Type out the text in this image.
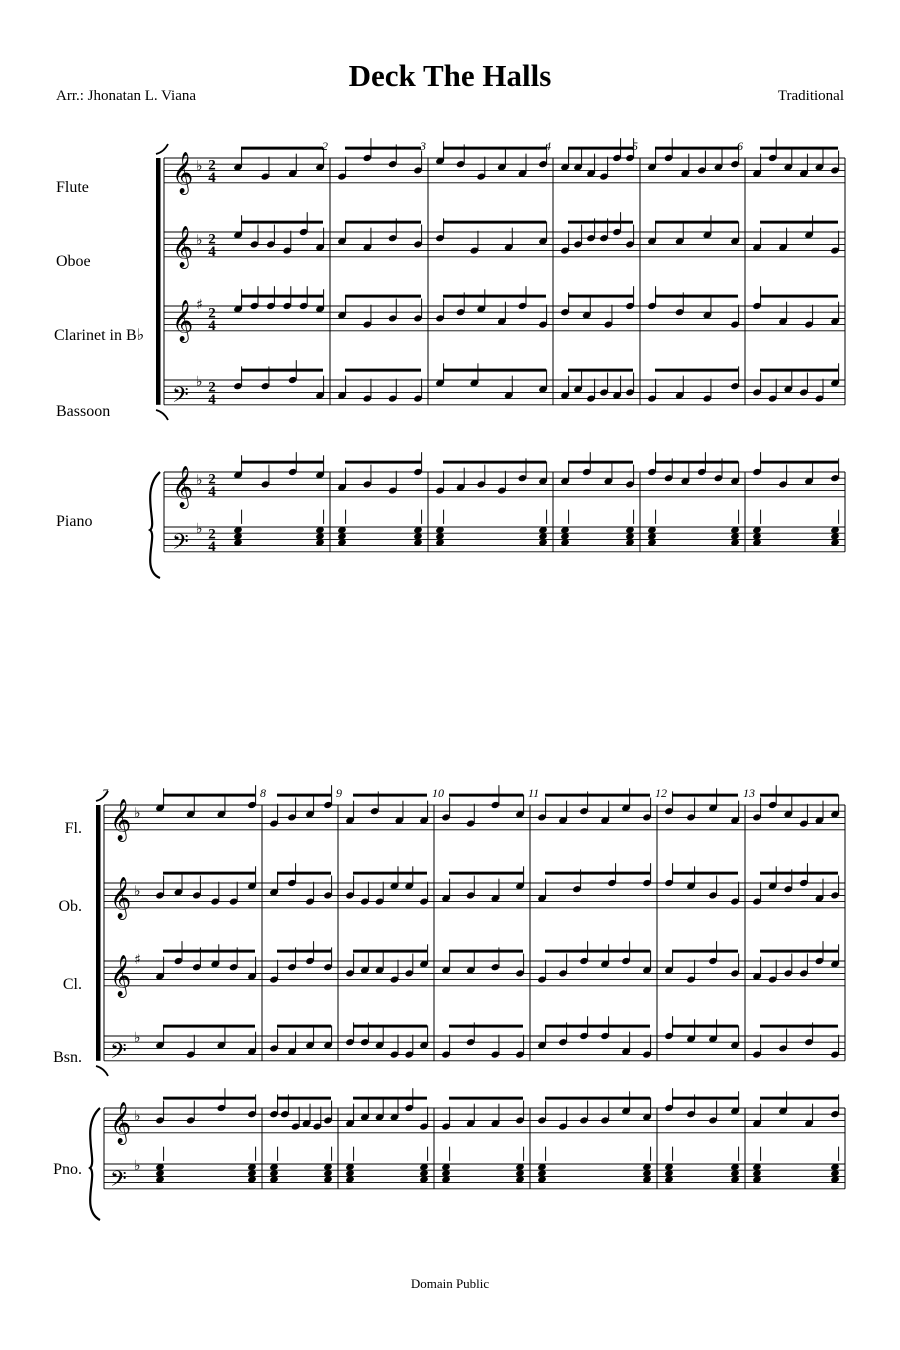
Deck The Halls
Arr.: Jhonatan L. Viana	Traditional
Flute
Oboe
Clarinet in B♭
Bassoon
Piano
𝄞 ♭ 2
4
𝄞 ♭ 2
4
𝄞 ♯
2
4
𝄢
♭ 2
4
𝄞 ♭ 2
4
𝄢
♭ 2
4
2	3	4	5	6
Fl.
Ob.
Cl.
Bsn.
Pno.
𝄞 ♭
𝄞 ♭
𝄞 ♯
𝄢
♭
𝄞 ♭
𝄢
♭
7	8	9	10	11	12	13
Domain Public
